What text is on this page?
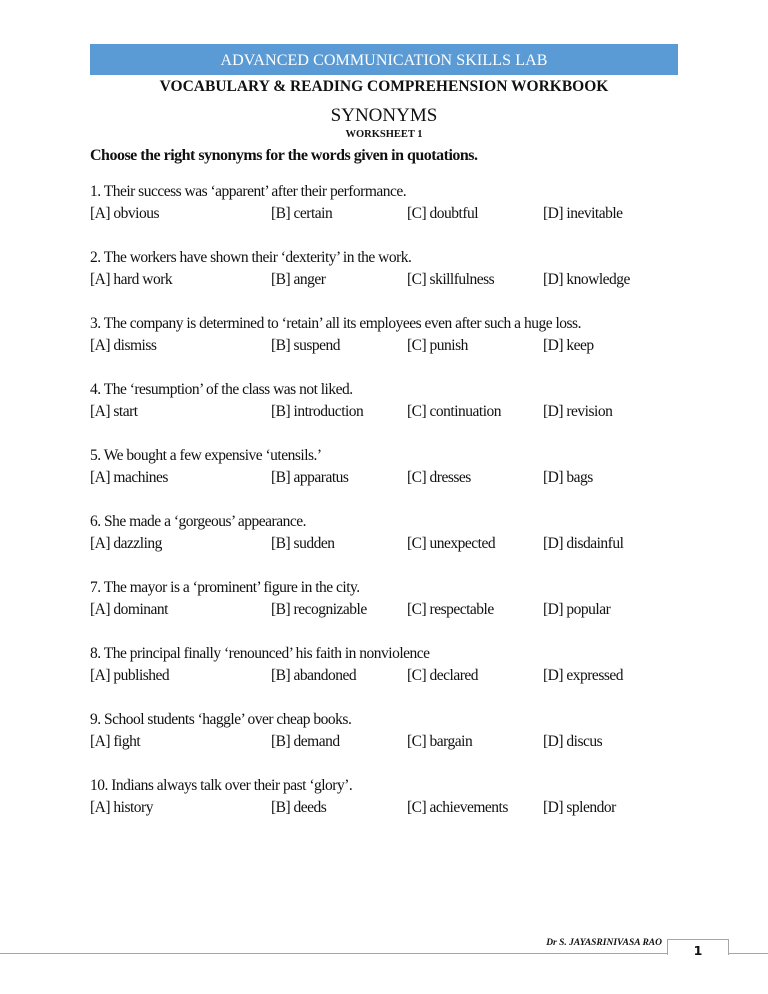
ADVANCED COMMUNICATION SKILLS LAB
VOCABULARY & READING COMPREHENSION WORKBOOK
SYNONYMS
WORKSHEET 1
Choose the right synonyms for the words given in quotations.
1. Their success was ‘apparent’ after their performance.
[A] obvious	[B] certain	[C] doubtful	[D] inevitable
2. The workers have shown their ‘dexterity’ in the work.
[A] hard work	[B] anger	[C] skillfulness	[D] knowledge
3. The company is determined to ‘retain’ all its employees even after such a huge loss.
[A] dismiss	[B] suspend	[C] punish	[D] keep
4. The ‘resumption’ of the class was not liked.
[A] start	[B] introduction	[C] continuation	[D] revision
5. We bought a few expensive ‘utensils.’
[A] machines	[B] apparatus	[C] dresses	[D] bags
6. She made a ‘gorgeous’ appearance.
[A] dazzling	[B] sudden	[C] unexpected	[D] disdainful
7. The mayor is a ‘prominent’ figure in the city.
[A] dominant	[B] recognizable	[C] respectable	[D] popular
8. The principal finally ‘renounced’ his faith in nonviolence
[A] published	[B] abandoned	[C] declared	[D] expressed
9. School students ‘haggle’ over cheap books.
[A] fight	[B] demand	[C] bargain	[D] discus
10. Indians always talk over their past ‘glory’.
[A] history	[B] deeds	[C] achievements	[D] splendor
Dr S. JAYASRINIVASA RAO	1
